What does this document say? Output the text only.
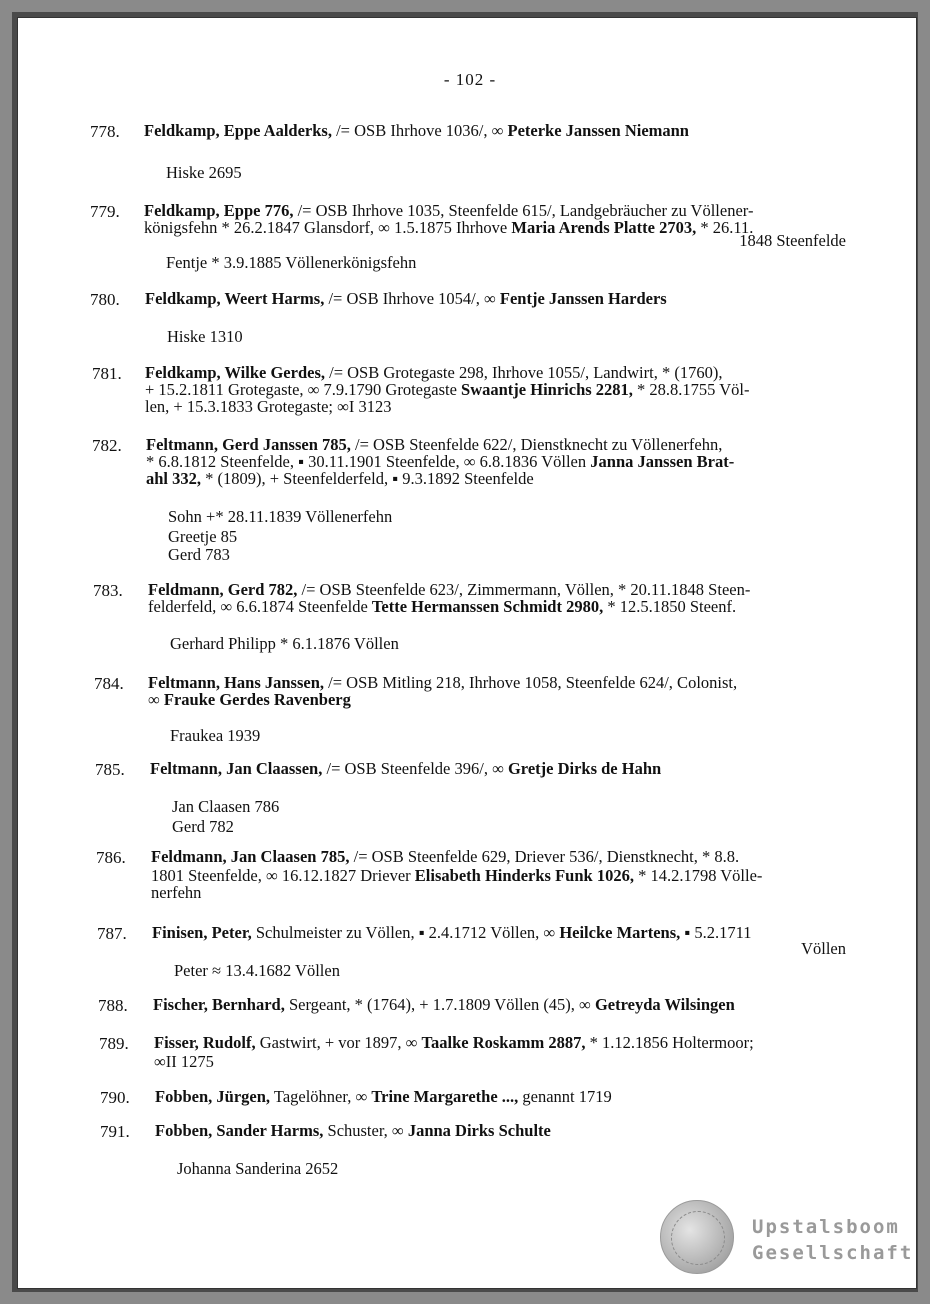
- 102 -
778. Feldkamp, Eppe Aalderks, /= OSB Ihrhove 1036/, ∞ Peterke Janssen Niemann
Hiske 2695
779. Feldkamp, Eppe 776, /= OSB Ihrhove 1035, Steenfelde 615/, Landgebräucher zu Völlener-
königsfehn * 26.2.1847 Glansdorf, ∞ 1.5.1875 Ihrhove Maria Arends Platte 2703, * 26.11.
1848 Steenfelde
Fentje * 3.9.1885 Völlenerkönigsfehn
780. Feldkamp, Weert Harms, /= OSB Ihrhove 1054/, ∞ Fentje Janssen Harders
Hiske 1310
781. Feldkamp, Wilke Gerdes, /= OSB Grotegaste 298, Ihrhove 1055/, Landwirt, * (1760),
+ 15.2.1811 Grotegaste, ∞ 7.9.1790 Grotegaste Swaantje Hinrichs 2281, * 28.8.1755 Völ-
len, + 15.3.1833 Grotegaste; ∞I 3123
782. Feltmann, Gerd Janssen 785, /= OSB Steenfelde 622/, Dienstknecht zu Völlenerfehn,
* 6.8.1812 Steenfelde, ▪ 30.11.1901 Steenfelde, ∞ 6.8.1836 Völlen Janna Janssen Brat-
ahl 332, * (1809), + Steenfelderfeld, ▪ 9.3.1892 Steenfelde
Sohn +* 28.11.1839 Völlenerfehn
Greetje 85
Gerd 783
783. Feldmann, Gerd 782, /= OSB Steenfelde 623/, Zimmermann, Völlen, * 20.11.1848 Steen-
felderfeld, ∞ 6.6.1874 Steenfelde Tette Hermanssen Schmidt 2980, * 12.5.1850 Steenf.
Gerhard Philipp * 6.1.1876 Völlen
784. Feltmann, Hans Janssen, /= OSB Mitling 218, Ihrhove 1058, Steenfelde 624/, Colonist,
∞ Frauke Gerdes Ravenberg
Fraukea 1939
785. Feltmann, Jan Claassen, /= OSB Steenfelde 396/, ∞ Gretje Dirks de Hahn
Jan Claasen 786
Gerd 782
786. Feldmann, Jan Claasen 785, /= OSB Steenfelde 629, Driever 536/, Dienstknecht, * 8.8.
1801 Steenfelde, ∞ 16.12.1827 Driever Elisabeth Hinderks Funk 1026, * 14.2.1798 Völle-
nerfehn
787. Finisen, Peter, Schulmeister zu Völlen, ▪ 2.4.1712 Völlen, ∞ Heilcke Martens, ▪ 5.2.1711
Völlen
Peter ≈ 13.4.1682 Völlen
788. Fischer, Bernhard, Sergeant, * (1764), + 1.7.1809 Völlen (45), ∞ Getreyda Wilsingen
789. Fisser, Rudolf, Gastwirt, + vor 1897, ∞ Taalke Roskamm 2887, * 1.12.1856 Holtermoor;
∞II 1275
790. Fobben, Jürgen, Tagelöhner, ∞ Trine Margarethe ..., genannt 1719
791. Fobben, Sander Harms, Schuster, ∞ Janna Dirks Schulte
Johanna Sanderina 2652
Upstalsboom
Gesellschaft
